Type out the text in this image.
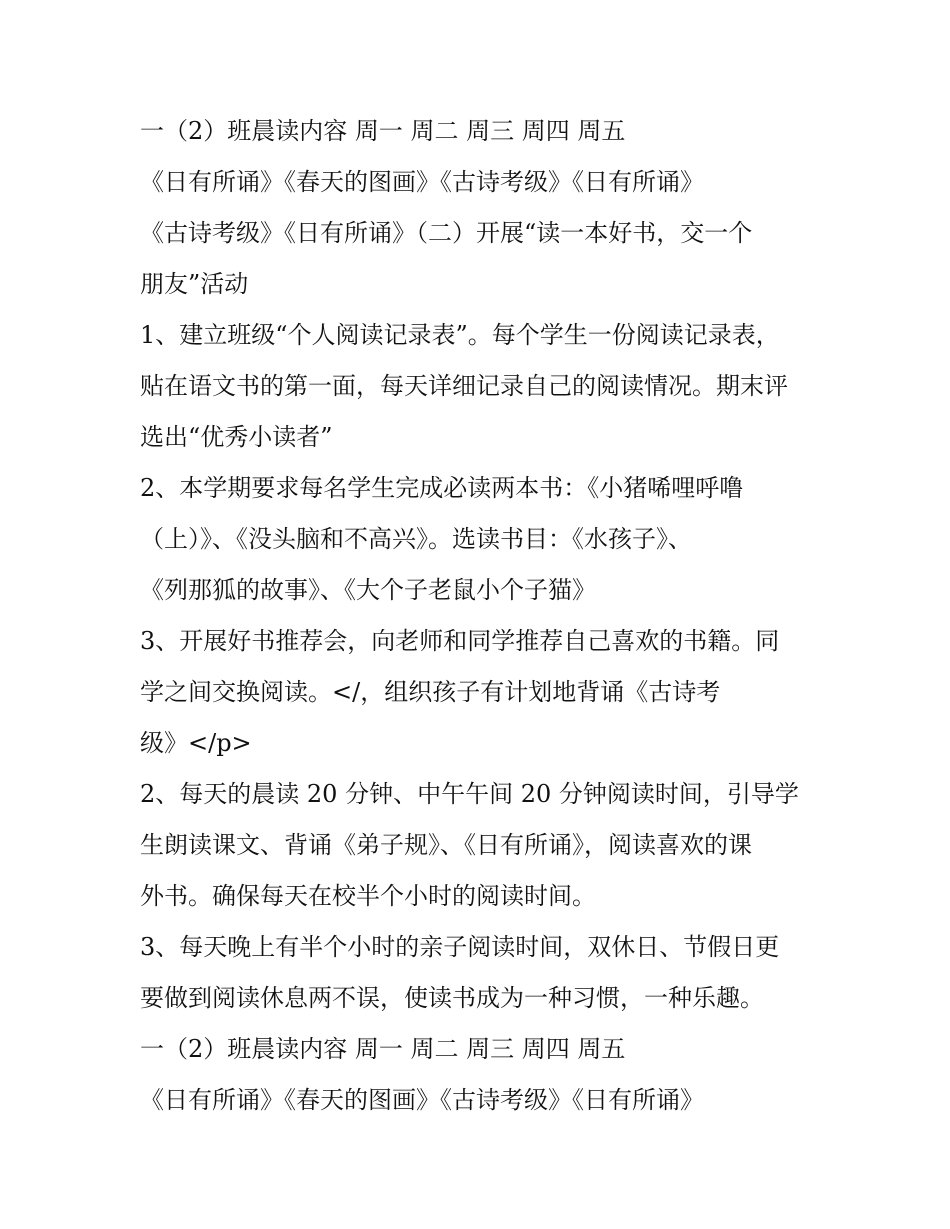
一（2）班晨读内容 周一 周二 周三 周四 周五
《日有所诵》《春天的图画》《古诗考级》《日有所诵》
《古诗考级》《日有所诵》（二）开展“读一本好书，交一个
朋友”活动
1、建立班级“个人阅读记录表”。每个学生一份阅读记录表，
贴在语文书的第一面，每天详细记录自己的阅读情况。期末评
选出“优秀小读者”
2、本学期要求每名学生完成必读两本书：《小猪唏哩呼噜
（上）》、《没头脑和不高兴》。选读书目：《水孩子》、
《列那狐的故事》、《大个子老鼠小个子猫》
3、开展好书推荐会，向老师和同学推荐自己喜欢的书籍。同
学之间交换阅读。</，组织孩子有计划地背诵《古诗考
级》</p>
2、每天的晨读 20 分钟、中午午间 20 分钟阅读时间，引导学
生朗读课文、背诵《弟子规》、《日有所诵》，阅读喜欢的课
外书。确保每天在校半个小时的阅读时间。
3、每天晚上有半个小时的亲子阅读时间，双休日、节假日更
要做到阅读休息两不误，使读书成为一种习惯，一种乐趣。
一（2）班晨读内容 周一 周二 周三 周四 周五
《日有所诵》《春天的图画》《古诗考级》《日有所诵》
